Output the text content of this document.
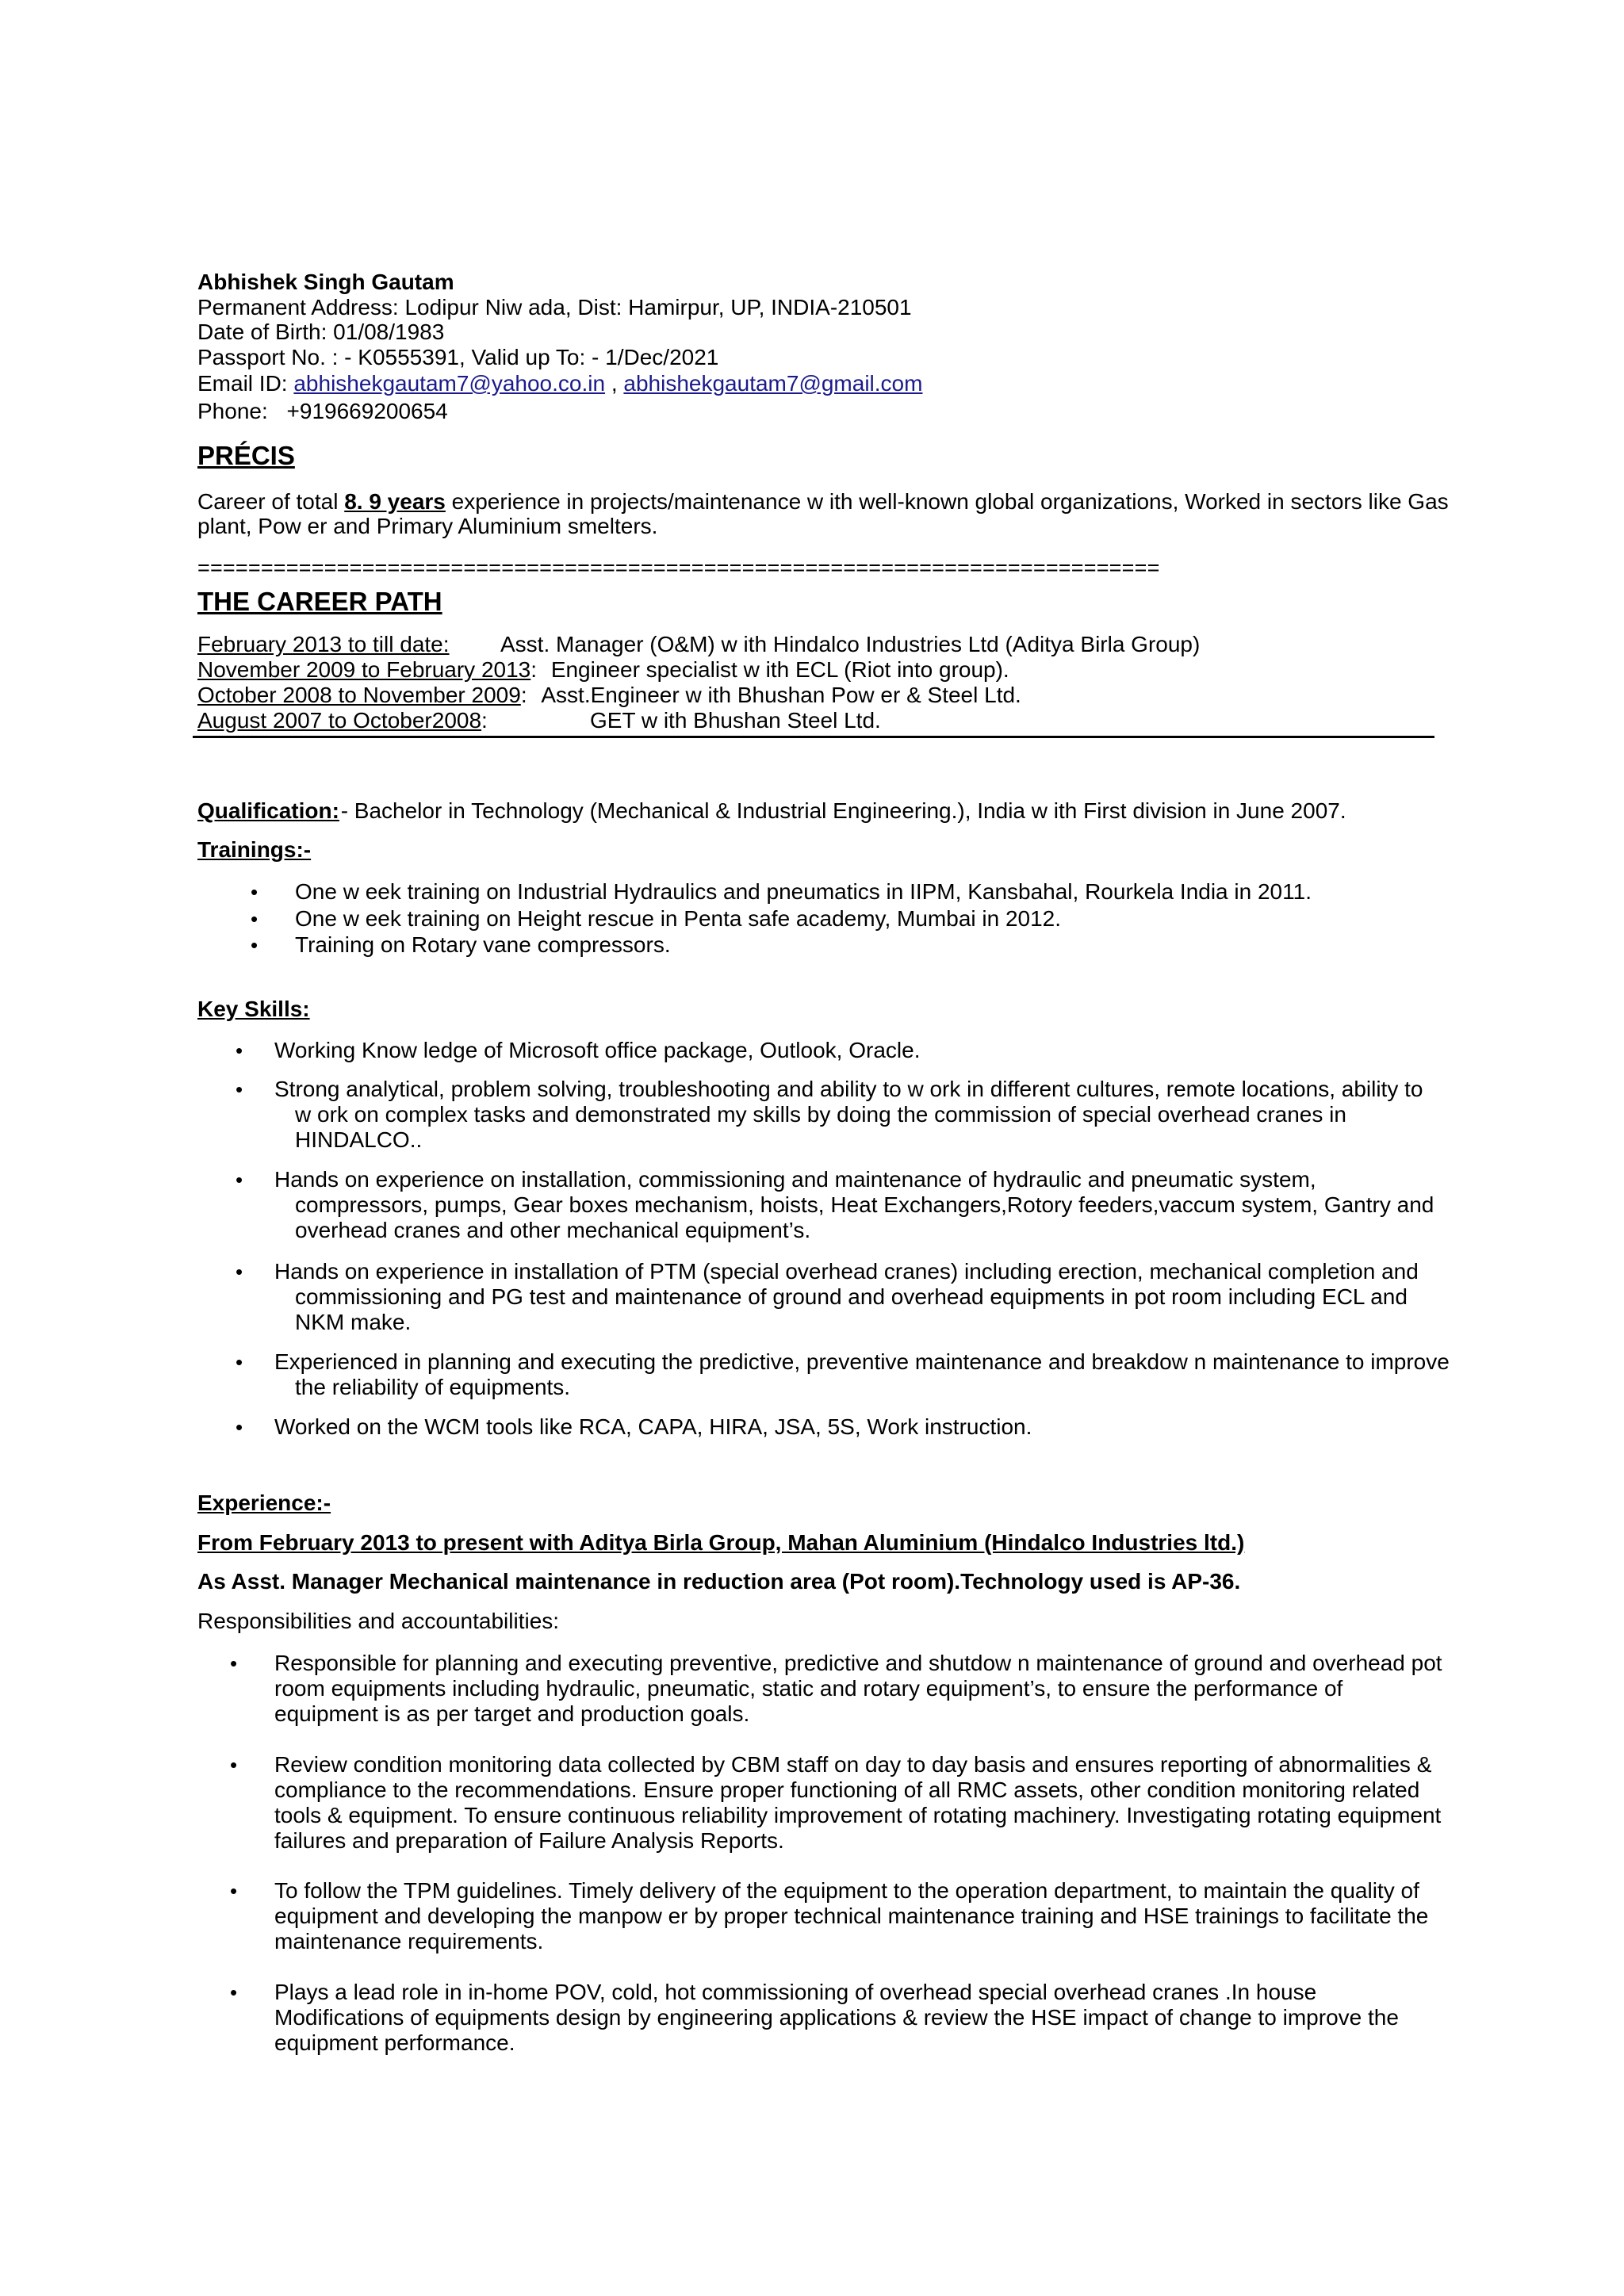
Abhishek Singh Gautam
Permanent Address: Lodipur Niw ada, Dist: Hamirpur, UP, INDIA-210501
Date of Birth: 01/08/1983
Passport No. : - K0555391, Valid up To: - 1/Dec/2021
Email ID: abhishekgautam7@yahoo.co.in , abhishekgautam7@gmail.com
Phone: +919669200654
PRÉCIS
Career of total 8. 9 years experience in projects/maintenance w ith well-known global organizations, Worked in sectors like Gas
plant, Pow er and Primary Aluminium smelters.
============================================================================
THE CAREER PATH
February 2013 to till date: Asst. Manager (O&M) w ith Hindalco Industries Ltd (Aditya Birla Group)
November 2009 to February 2013: Engineer specialist w ith ECL (Riot into group).
October 2008 to November 2009: Asst.Engineer w ith Bhushan Pow er & Steel Ltd.
August 2007 to October2008:	GET w ith Bhushan Steel Ltd.
Qualification: - Bachelor in Technology (Mechanical & Industrial Engineering.), India w ith First division in June 2007.
Trainings:-
• One w eek training on Industrial Hydraulics and pneumatics in IIPM, Kansbahal, Rourkela India in 2011.
• One w eek training on Height rescue in Penta safe academy, Mumbai in 2012.
• Training on Rotary vane compressors.
Key Skills:
• Working Know ledge of Microsoft office package, Outlook, Oracle.
• Strong analytical, problem solving, troubleshooting and ability to w ork in different cultures, remote locations, ability to
w ork on complex tasks and demonstrated my skills by doing the commission of special overhead cranes in
HINDALCO..
• Hands on experience on installation, commissioning and maintenance of hydraulic and pneumatic system,
compressors, pumps, Gear boxes mechanism, hoists, Heat Exchangers,Rotory feeders,vaccum system, Gantry and
overhead cranes and other mechanical equipment’s.
• Hands on experience in installation of PTM (special overhead cranes) including erection, mechanical completion and
commissioning and PG test and maintenance of ground and overhead equipments in pot room including ECL and
NKM make.
• Experienced in planning and executing the predictive, preventive maintenance and breakdow n maintenance to improve
the reliability of equipments.
• Worked on the WCM tools like RCA, CAPA, HIRA, JSA, 5S, Work instruction.
Experience:-
From February 2013 to present with Aditya Birla Group, Mahan Aluminium (Hindalco Industries ltd.)
As Asst. Manager Mechanical maintenance in reduction area (Pot room).Technology used is AP-36.
Responsibilities and accountabilities:
• Responsible for planning and executing preventive, predictive and shutdow n maintenance of ground and overhead pot
room equipments including hydraulic, pneumatic, static and rotary equipment’s, to ensure the performance of
equipment is as per target and production goals.
• Review condition monitoring data collected by CBM staff on day to day basis and ensures reporting of abnormalities &
compliance to the recommendations. Ensure proper functioning of all RMC assets, other condition monitoring related
tools & equipment. To ensure continuous reliability improvement of rotating machinery. Investigating rotating equipment
failures and preparation of Failure Analysis Reports.
• To follow the TPM guidelines. Timely delivery of the equipment to the operation department, to maintain the quality of
equipment and developing the manpow er by proper technical maintenance training and HSE trainings to facilitate the
maintenance requirements.
• Plays a lead role in in-home POV, cold, hot commissioning of overhead special overhead cranes .In house
Modifications of equipments design by engineering applications & review the HSE impact of change to improve the
equipment performance.
